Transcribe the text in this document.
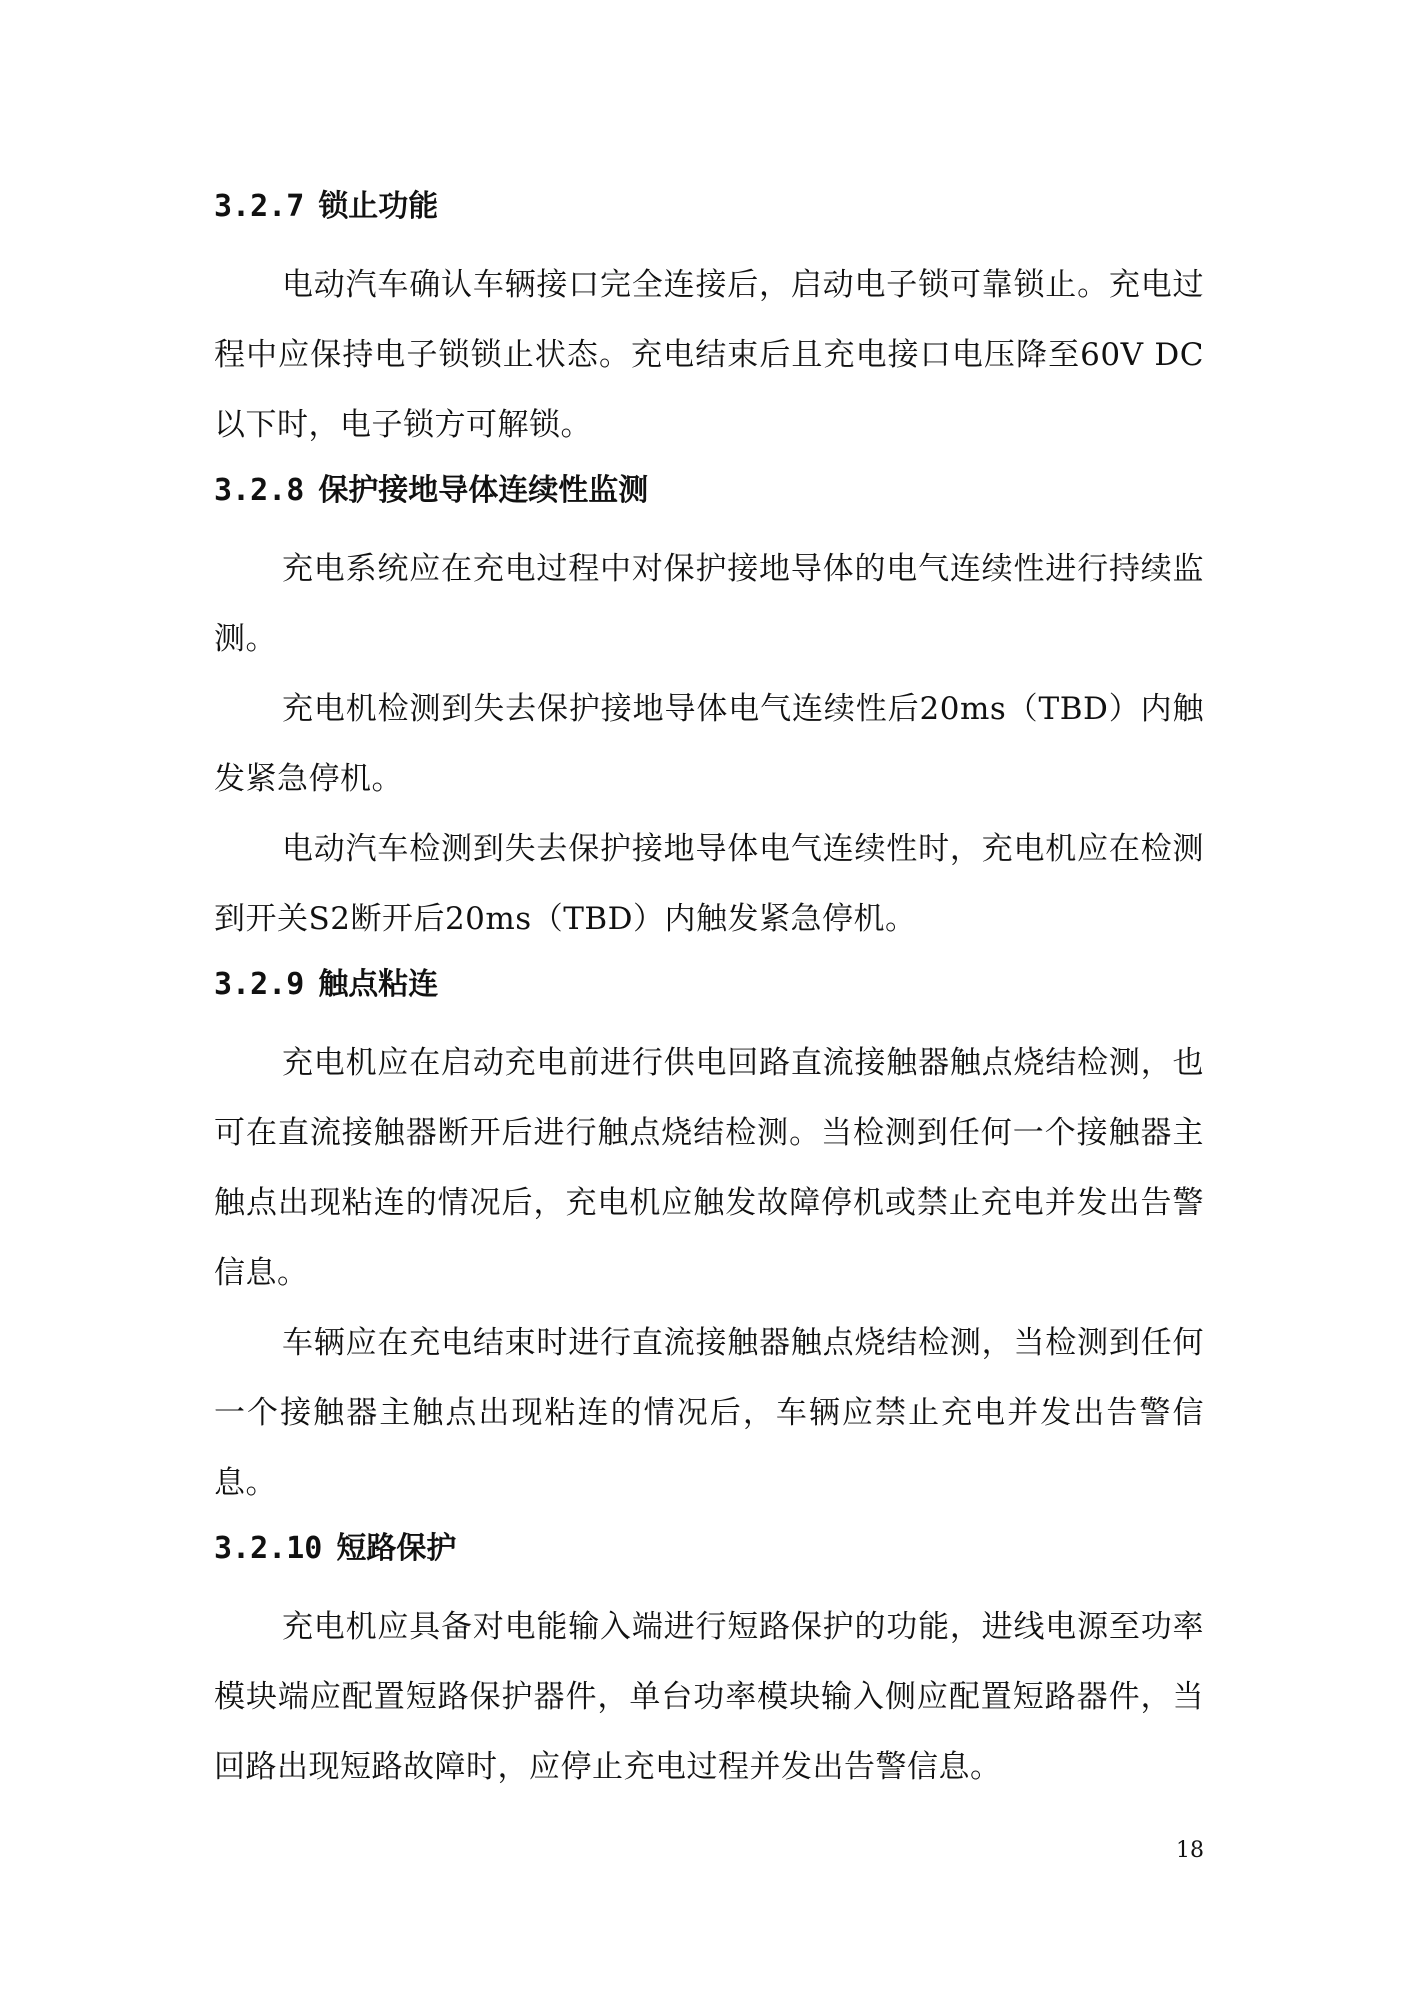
3.2.7 锁止功能

电动汽车确认车辆接口完全连接后，启动电子锁可靠锁止。充电过程中应保持电子锁锁止状态。充电结束后且充电接口电压降至60V DC以下时，电子锁方可解锁。

3.2.8 保护接地导体连续性监测

充电系统应在充电过程中对保护接地导体的电气连续性进行持续监测。

充电机检测到失去保护接地导体电气连续性后20ms（TBD）内触发紧急停机。

电动汽车检测到失去保护接地导体电气连续性时，充电机应在检测到开关S2断开后20ms（TBD）内触发紧急停机。

3.2.9 触点粘连

充电机应在启动充电前进行供电回路直流接触器触点烧结检测，也可在直流接触器断开后进行触点烧结检测。当检测到任何一个接触器主触点出现粘连的情况后，充电机应触发故障停机或禁止充电并发出告警信息。

车辆应在充电结束时进行直流接触器触点烧结检测，当检测到任何一个接触器主触点出现粘连的情况后，车辆应禁止充电并发出告警信息。

3.2.10 短路保护

充电机应具备对电能输入端进行短路保护的功能，进线电源至功率模块端应配置短路保护器件，单台功率模块输入侧应配置短路器件，当回路出现短路故障时，应停止充电过程并发出告警信息。

18
